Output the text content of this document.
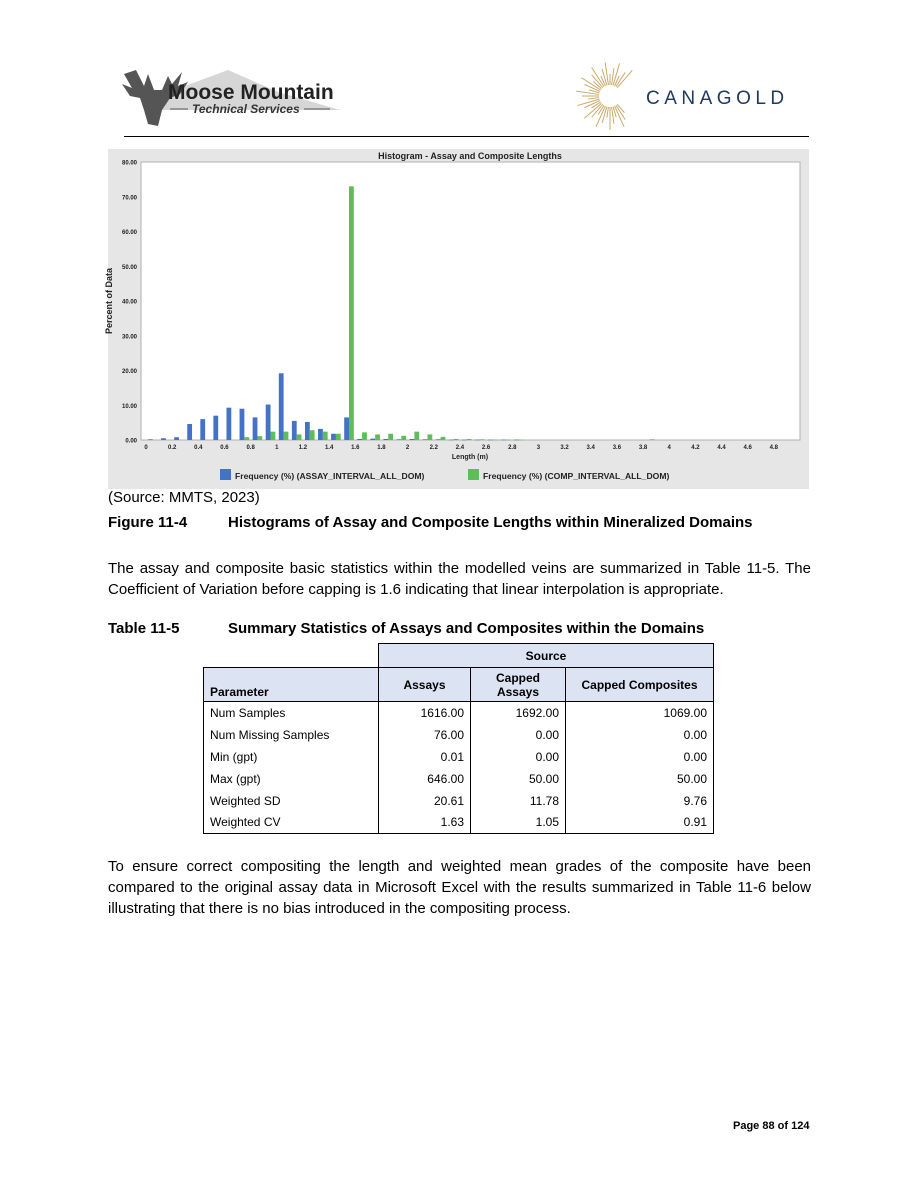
Moose Mountain
Technical Services	CANAGOLD
Histogram - Assay and Composite Lengths
Percent of Data
Length (m)
0.00
10.00
20.00
30.00
40.00
50.00
60.00
70.00
80.00
0	0.2	0.4	0.6	0.8	1	1.2	1.4	1.6	1.8	2	2.2	2.4	2.6	2.8	3	3.2	3.4	3.6	3.8	4	4.2	4.4	4.6	4.8
Frequency (%) (ASSAY_INTERVAL_ALL_DOM)	Frequency (%) (COMP_INTERVAL_ALL_DOM)
(Source: MMTS, 2023)
Figure 11-4	Histograms of Assay and Composite Lengths within Mineralized Domains
The assay and composite basic statistics within the modelled veins are summarized in Table 11-5. The Coefficient of Variation before capping is 1.6 indicating that linear interpolation is appropriate.
Table 11-5	Summary Statistics of Assays and Composites within the Domains
	Source		
Parameter	Assays	Capped Assays	Capped Composites
Num Samples	1616.00	1692.00	1069.00
Num Missing Samples	76.00	0.00	0.00
Min (gpt)	0.01	0.00	0.00
Max (gpt)	646.00	50.00	50.00
Weighted SD	20.61	11.78	9.76
Weighted CV	1.63	1.05	0.91
To ensure correct compositing the length and weighted mean grades of the composite have been compared to the original assay data in Microsoft Excel with the results summarized in Table 11-6 below illustrating that there is no bias introduced in the compositing process.
Page 88 of 124
